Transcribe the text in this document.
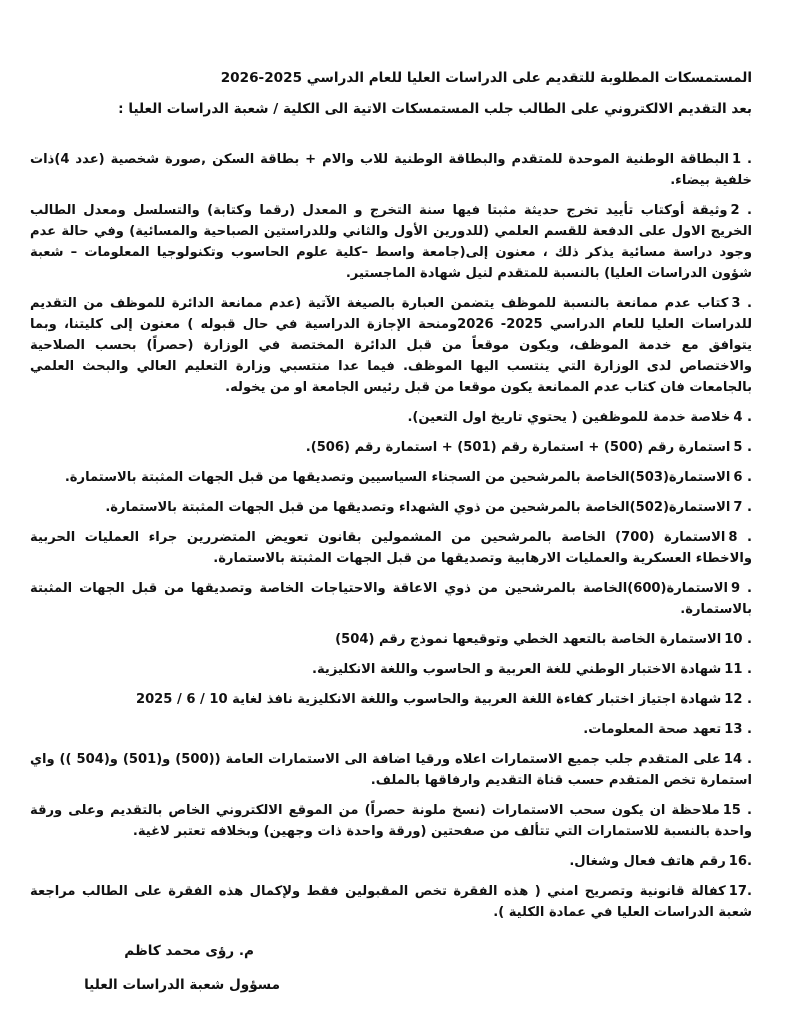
المستمسكات المطلوبة للتقديم على الدراسات العليا للعام الدراسي 2025-2026
بعد التقديم الالكتروني على الطالب جلب المستمسكات الاتية الى الكلية / شعبة الدراسات العليا :
1 .البطاقة الوطنية الموحدة للمتقدم والبطاقة الوطنية للاب والام + بطاقة السكن ,صورة شخصية (عدد 4)ذات خلفية بيضاء.
2 .وثيقة أوكتاب تأييد تخرج حديثة مثبتا فيها سنة التخرج و المعدل (رقما وكتابة) والتسلسل ومعدل الطالب الخريج الاول على الدفعة للقسم العلمي (للدورين الأول والثاني وللدراستين الصباحية والمسائية) وفي حالة عدم وجود دراسة مسائية يذكر ذلك ، معنون إلى(جامعة واسط –كلية علوم الحاسوب وتكنولوجيا المعلومات – شعبة شؤون الدراسات العليا) بالنسبة للمتقدم لنيل شهادة الماجستير.
3 .كتاب عدم ممانعة بالنسبة للموظف يتضمن العبارة بالصيغة الآتية (عدم ممانعة الدائرة للموظف من التقديم للدراسات العليا للعام الدراسي 2025- 2026ومنحة الإجازة الدراسية في حال قبوله ) معنون إلى كليتنا، وبما يتوافق مع خدمة الموظف، ويكون موقعاً من قبل الدائرة المختصة في الوزارة (حصراً) بحسب الصلاحية والاختصاص لدى الوزارة التي ينتسب اليها الموظف. فيما عدا منتسبي وزارة التعليم العالي والبحث العلمي بالجامعات فان كتاب عدم الممانعة يكون موقعا من قبل رئيس الجامعة او من يخوله.
4 .خلاصة خدمة للموظفين ( يحتوي تاريخ اول التعين).
5 .استمارة رقم (500) + استمارة رقم (501) + استمارة رقم (506).
6 .الاستمارة(503)الخاصة بالمرشحين من السجناء السياسيين وتصديقها من قبل الجهات المثبتة بالاستمارة.
7 .الاستمارة(502)الخاصة بالمرشحين من ذوي الشهداء وتصديقها من قبل الجهات المثبتة بالاستمارة.
8 .الاستمارة (700) الخاصة بالمرشحين من المشمولين بقانون تعويض المتضررين جراء العمليات الحربية والاخطاء العسكرية والعمليات الارهابية وتصديقها من قبل الجهات المثبتة بالاستمارة.
9 .الاستمارة(600)الخاصة بالمرشحين من ذوي الاعاقة والاحتياجات الخاصة وتصديقها من قبل الجهات المثبتة بالاستمارة.
10 .الاستمارة الخاصة بالتعهد الخطي وتوقيعها نموذج رقم (504)
11 .شهادة الاختبار الوطني للغة العربية و الحاسوب واللغة الانكليزية.
12 .شهادة اجتياز اختبار كفاءة اللغة العربية والحاسوب واللغة الانكليزية نافذ لغاية 10 / 6 / 2025
13 .تعهد صحة المعلومات.
14 .على المتقدم جلب جميع الاستمارات اعلاه ورقيا اضافة الى الاستمارات العامة ((500) و(501) و(504 )) واي استمارة تخص المتقدم حسب قناة التقديم وارفاقها بالملف.
15 .ملاحظة ان يكون سحب الاستمارات (نسخ ملونة حصراً) من الموقع الالكتروني الخاص بالتقديم وعلى ورقة واحدة بالنسبة للاستمارات التي تتألف من صفحتين (ورقة واحدة ذات وجهين) وبخلافه تعتبر لاغية.
16.رقم هاتف فعال وشغال.
17.كفالة قانونية وتصريح امني ( هذه الفقرة تخص المقبولين فقط ولإكمال هذه الفقرة على الطالب مراجعة شعبة الدراسات العليا في عمادة الكلية ).
م. رؤى محمد كاظم
مسؤول شعبة الدراسات العليا
